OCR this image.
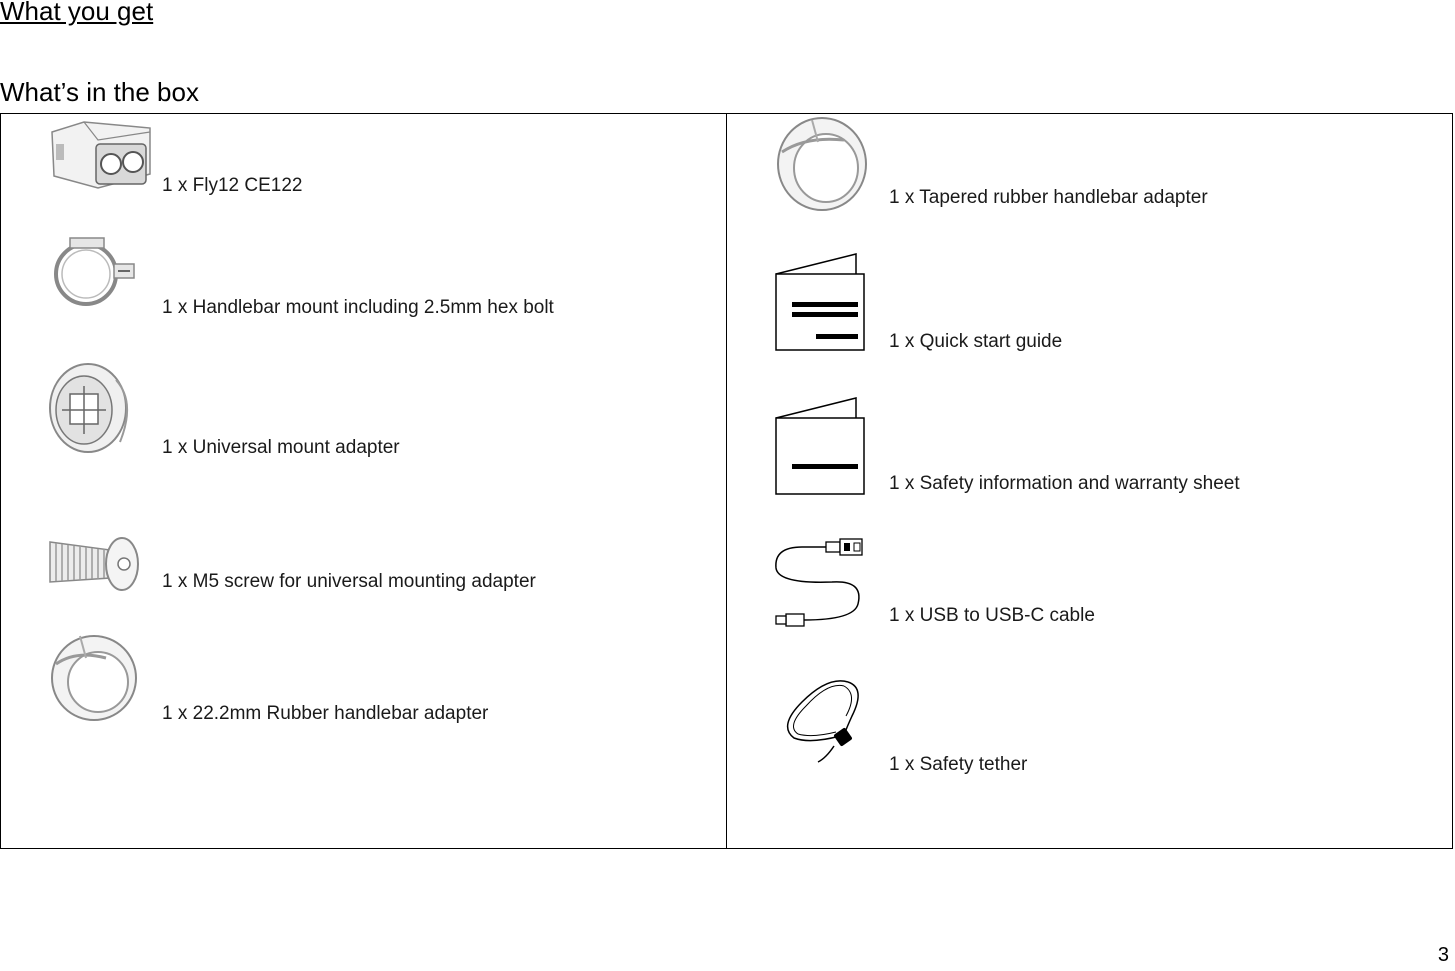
What you get
What’s in the box
1 x Fly12 CE122
1 x Handlebar mount including 2.5mm hex bolt
1 x Universal mount adapter
1 x M5 screw for universal mounting adapter
1 x 22.2mm Rubber handlebar adapter
1 x Tapered rubber handlebar adapter
1 x Quick start guide
1 x Safety information and warranty sheet
1 x USB to USB-C cable
1 x Safety tether
3
